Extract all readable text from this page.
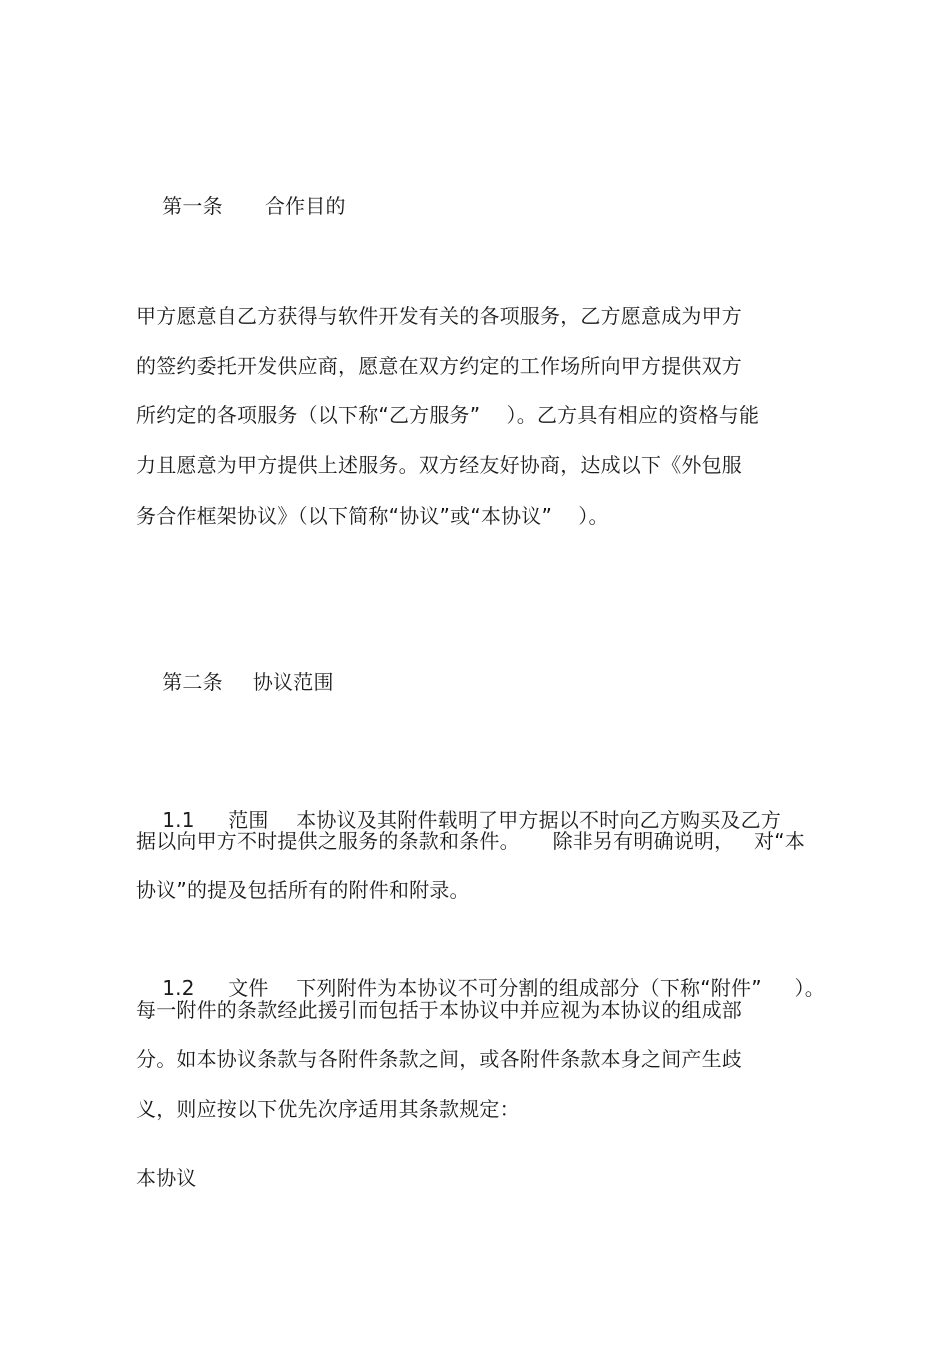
第一条 合作目的

甲方愿意自乙方获得与软件开发有关的各项服务，乙方愿意成为甲方
的签约委托开发供应商，愿意在双方约定的工作场所向甲方提供双方
所约定的各项服务（以下称“乙方服务”    ）。乙方具有相应的资格与能
力且愿意为甲方提供上述服务。双方经友好协商，达成以下《外包服
务合作框架协议》（以下简称“协议”或“本协议”    ）。

第二条 协议范围

1.1 范围 本协议及其附件载明了甲方据以不时向乙方购买及乙方

据以向甲方不时提供之服务的条款和条件。     除非另有明确说明，   对“本
协议”的提及包括所有的附件和附录。

1.2 文件 下列附件为本协议不可分割的组成部分（下称“附件”     ）。

每一附件的条款经此援引而包括于本协议中并应视为本协议的组成部
分。如本协议条款与各附件条款之间，或各附件条款本身之间产生歧
义，则应按以下优先次序适用其条款规定：
本协议
